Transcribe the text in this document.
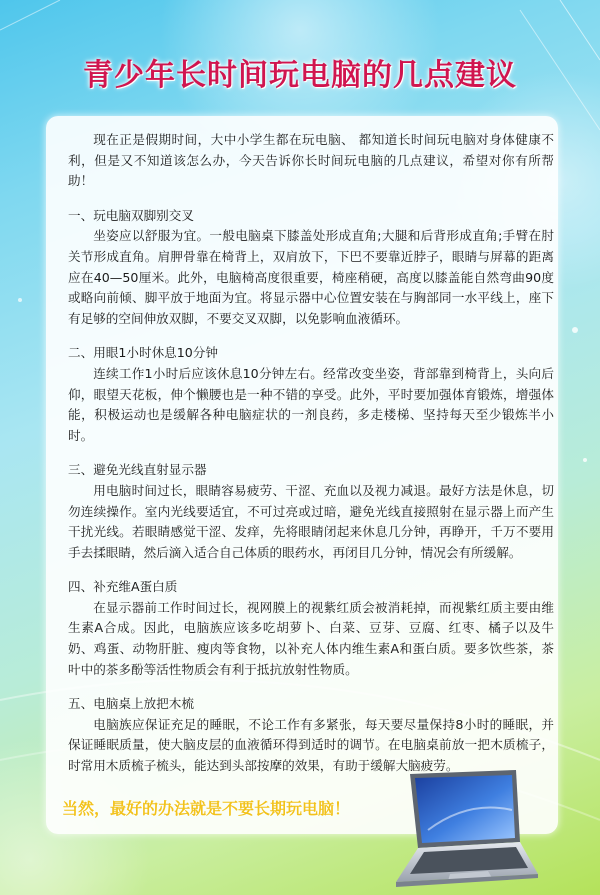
青少年长时间玩电脑的几点建议
现在正是假期时间，大中小学生都在玩电脑、 都知道长时间玩电脑对身体健康不利，但是又不知道该怎么办，今天告诉你长时间玩电脑的几点建议，希望对你有所帮助！
一、玩电脑双脚别交叉
坐姿应以舒服为宜。一般电脑桌下膝盖处形成直角;大腿和后背形成直角;手臂在肘关节形成直角。肩胛骨靠在椅背上，双肩放下，下巴不要靠近脖子，眼睛与屏幕的距离应在40—50厘米。此外，电脑椅高度很重要，椅座稍硬，高度以膝盖能自然弯曲90度或略向前倾、脚平放于地面为宜。将显示器中心位置安装在与胸部同一水平线上，座下有足够的空间伸放双脚，不要交叉双脚，以免影响血液循环。
二、用眼1小时休息10分钟
连续工作1小时后应该休息10分钟左右。经常改变坐姿，背部靠到椅背上，头向后仰，眼望天花板，伸个懒腰也是一种不错的享受。此外，平时要加强体育锻炼，增强体能，积极运动也是缓解各种电脑症状的一剂良药，多走楼梯、坚持每天至少锻炼半小时。
三、避免光线直射显示器
用电脑时间过长，眼睛容易疲劳、干涩、充血以及视力减退。最好方法是休息，切勿连续操作。室内光线要适宜，不可过亮或过暗，避免光线直接照射在显示器上而产生干扰光线。若眼睛感觉干涩、发痒，先将眼睛闭起来休息几分钟，再睁开，千万不要用手去揉眼睛，然后滴入适合自己体质的眼药水，再闭目几分钟，情况会有所缓解。
四、补充维A蛋白质
在显示器前工作时间过长，视网膜上的视紫红质会被消耗掉，而视紫红质主要由维生素A合成。因此，电脑族应该多吃胡萝卜、白菜、豆芽、豆腐、红枣、橘子以及牛奶、鸡蛋、动物肝脏、瘦肉等食物，以补充人体内维生素A和蛋白质。要多饮些茶，茶叶中的茶多酚等活性物质会有利于抵抗放射性物质。
五、电脑桌上放把木梳
电脑族应保证充足的睡眠，不论工作有多紧张，每天要尽量保持8小时的睡眠，并保证睡眠质量，使大脑皮层的血液循环得到适时的调节。在电脑桌前放一把木质梳子，时常用木质梳子梳头，能达到头部按摩的效果，有助于缓解大脑疲劳。
当然，最好的办法就是不要长期玩电脑！
